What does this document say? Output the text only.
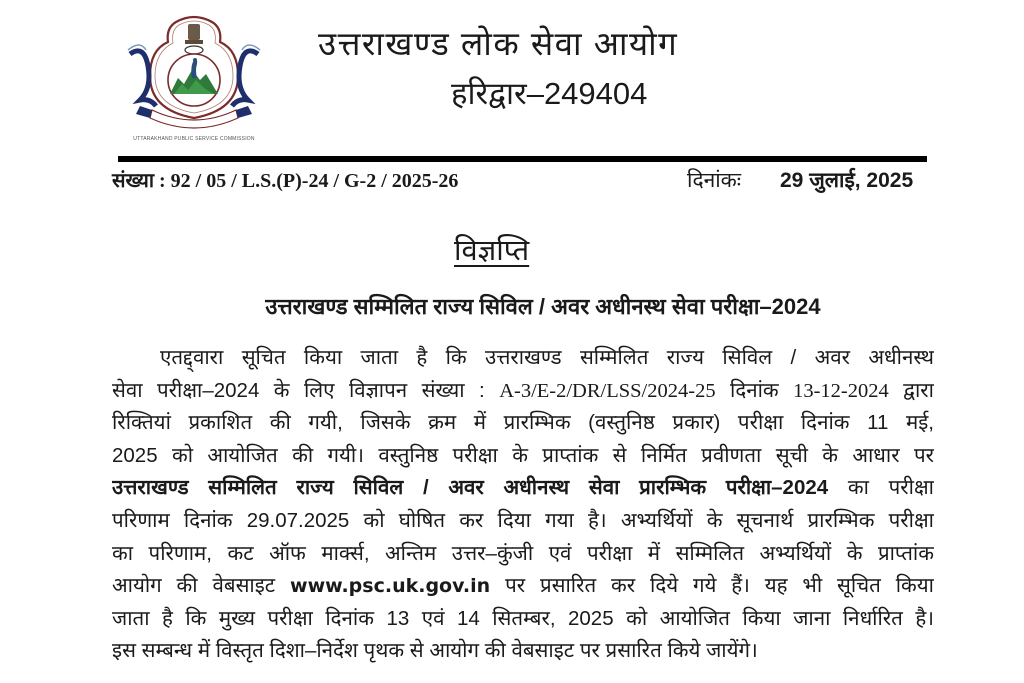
UTTARAKHAND PUBLIC SERVICE COMMISSION
उत्तराखण्ड लोक सेवा आयोग
हरिद्वार–249404
संख्या : 92 / 05 / L.S.(P)-24 / G-2 / 2025-26	दिनांकः 29 जुलाई, 2025
विज्ञप्ति
उत्तराखण्ड सम्मिलित राज्य सिविल / अवर अधीनस्थ सेवा परीक्षा–2024
एतद्द्वारा सूचित किया जाता है कि उत्तराखण्ड सम्मिलित राज्य सिविल / अवर अधीनस्थ
सेवा परीक्षा–2024 के लिए विज्ञापन संख्या : A-3/E-2/DR/LSS/2024-25 दिनांक 13-12-2024 द्वारा
रिक्तियां प्रकाशित की गयी, जिसके क्रम में प्रारम्भिक (वस्तुनिष्ठ प्रकार) परीक्षा दिनांक 11 मई,
2025 को आयोजित की गयी। वस्तुनिष्ठ परीक्षा के प्राप्तांक से निर्मित प्रवीणता सूची के आधार पर
उत्तराखण्ड सम्मिलित राज्य सिविल / अवर अधीनस्थ सेवा प्रारम्भिक परीक्षा–2024 का परीक्षा
परिणाम दिनांक 29.07.2025 को घोषित कर दिया गया है। अभ्यर्थियों के सूचनार्थ प्रारम्भिक परीक्षा
का परिणाम, कट ऑफ मार्क्स, अन्तिम उत्तर–कुंजी एवं परीक्षा में सम्मिलित अभ्यर्थियों के प्राप्तांक
आयोग की वेबसाइट www.psc.uk.gov.in पर प्रसारित कर दिये गये हैं। यह भी सूचित किया
जाता है कि मुख्य परीक्षा दिनांक 13 एवं 14 सितम्बर, 2025 को आयोजित किया जाना निर्धारित है।
इस सम्बन्ध में विस्तृत दिशा–निर्देश पृथक से आयोग की वेबसाइट पर प्रसारित किये जायेंगे।
